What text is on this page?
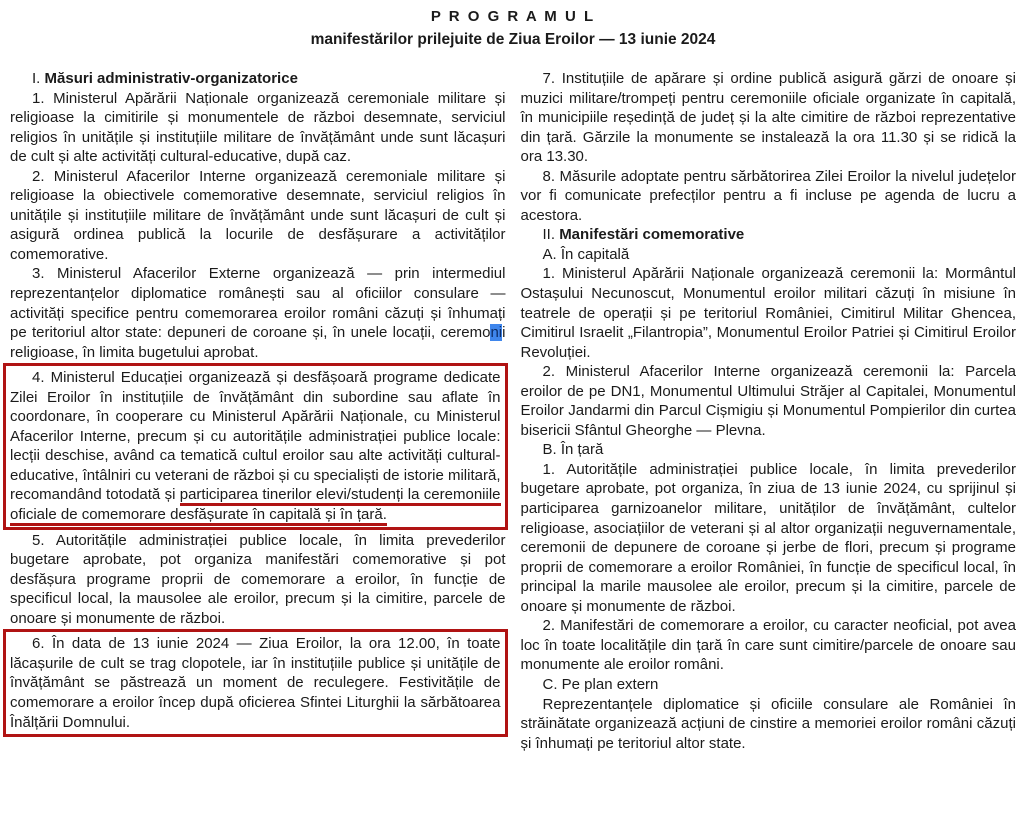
P R O G R A M U L
manifestărilor prilejuite de Ziua Eroilor — 13 iunie 2024

I. Măsuri administrativ-organizatorice

1. Ministerul Apărării Naționale organizează ceremoniale militare și religioase la cimitirile și monumentele de război desemnate, serviciul religios în unitățile și instituțiile militare de învățământ unde sunt lăcașuri de cult și alte activități cultural-educative, după caz.

2. Ministerul Afacerilor Interne organizează ceremoniale militare și religioase la obiectivele comemorative desemnate, serviciul religios în unitățile și instituțiile militare de învățământ unde sunt lăcașuri de cult și asigură ordinea publică la locurile de desfășurare a activităților comemorative.

3. Ministerul Afacerilor Externe organizează — prin intermediul reprezentanțelor diplomatice românești sau al oficiilor consulare — activități specifice pentru comemorarea eroilor români căzuți și înhumați pe teritoriul altor state: depuneri de coroane și, în unele locații, ceremonii religioase, în limita bugetului aprobat.

4. Ministerul Educației organizează și desfășoară programe dedicate Zilei Eroilor în instituțiile de învățământ din subordine sau aflate în coordonare, în cooperare cu Ministerul Apărării Naționale, cu Ministerul Afacerilor Interne, precum și cu autoritățile administrației publice locale: lecții deschise, având ca tematică cultul eroilor sau alte activități cultural-educative, întâlniri cu veterani de război și cu specialiști de istorie militară, recomandând totodată și participarea tinerilor elevi/studenți la ceremoniile oficiale de comemorare desfășurate în capitală și în țară.

5. Autoritățile administrației publice locale, în limita prevederilor bugetare aprobate, pot organiza manifestări comemorative și pot desfășura programe proprii de comemorare a eroilor, în funcție de specificul local, la mausolee ale eroilor, precum și la cimitire, parcele de onoare și monumente de război.

6. În data de 13 iunie 2024 — Ziua Eroilor, la ora 12.00, în toate lăcașurile de cult se trag clopotele, iar în instituțiile publice și unitățile de învățământ se păstrează un moment de reculegere. Festivitățile de comemorare a eroilor încep după oficierea Sfintei Liturghii la sărbătoarea Înălțării Domnului.

7. Instituțiile de apărare și ordine publică asigură gărzi de onoare și muzici militare/trompeți pentru ceremoniile oficiale organizate în capitală, în municipiile reședință de județ și la alte cimitire de război reprezentative din țară. Gărzile la monumente se instalează la ora 11.30 și se ridică la ora 13.30.

8. Măsurile adoptate pentru sărbătorirea Zilei Eroilor la nivelul județelor vor fi comunicate prefecților pentru a fi incluse pe agenda de lucru a acestora.

II. Manifestări comemorative

A. În capitală

1. Ministerul Apărării Naționale organizează ceremonii la: Mormântul Ostașului Necunoscut, Monumentul eroilor militari căzuți în misiune în teatrele de operații și pe teritoriul României, Cimitirul Militar Ghencea, Cimitirul Israelit „Filantropia”, Monumentul Eroilor Patriei și Cimitirul Eroilor Revoluției.

2. Ministerul Afacerilor Interne organizează ceremonii la: Parcela eroilor de pe DN1, Monumentul Ultimului Străjer al Capitalei, Monumentul Eroilor Jandarmi din Parcul Cișmigiu și Monumentul Pompierilor din curtea bisericii Sfântul Gheorghe — Plevna.

B. În țară

1. Autoritățile administrației publice locale, în limita prevederilor bugetare aprobate, pot organiza, în ziua de 13 iunie 2024, cu sprijinul și participarea garnizoanelor militare, unităților de învățământ, cultelor religioase, asociațiilor de veterani și al altor organizații neguvernamentale, ceremonii de depunere de coroane și jerbe de flori, precum și programe proprii de comemorare a eroilor României, în funcție de specificul local, în principal la marile mausolee ale eroilor, precum și la cimitire, parcele de onoare și monumente de război.

2. Manifestări de comemorare a eroilor, cu caracter neoficial, pot avea loc în toate localitățile din țară în care sunt cimitire/parcele de onoare sau monumente ale eroilor români.

C. Pe plan extern

Reprezentanțele diplomatice și oficiile consulare ale României în străinătate organizează acțiuni de cinstire a memoriei eroilor români căzuți și înhumați pe teritoriul altor state.
